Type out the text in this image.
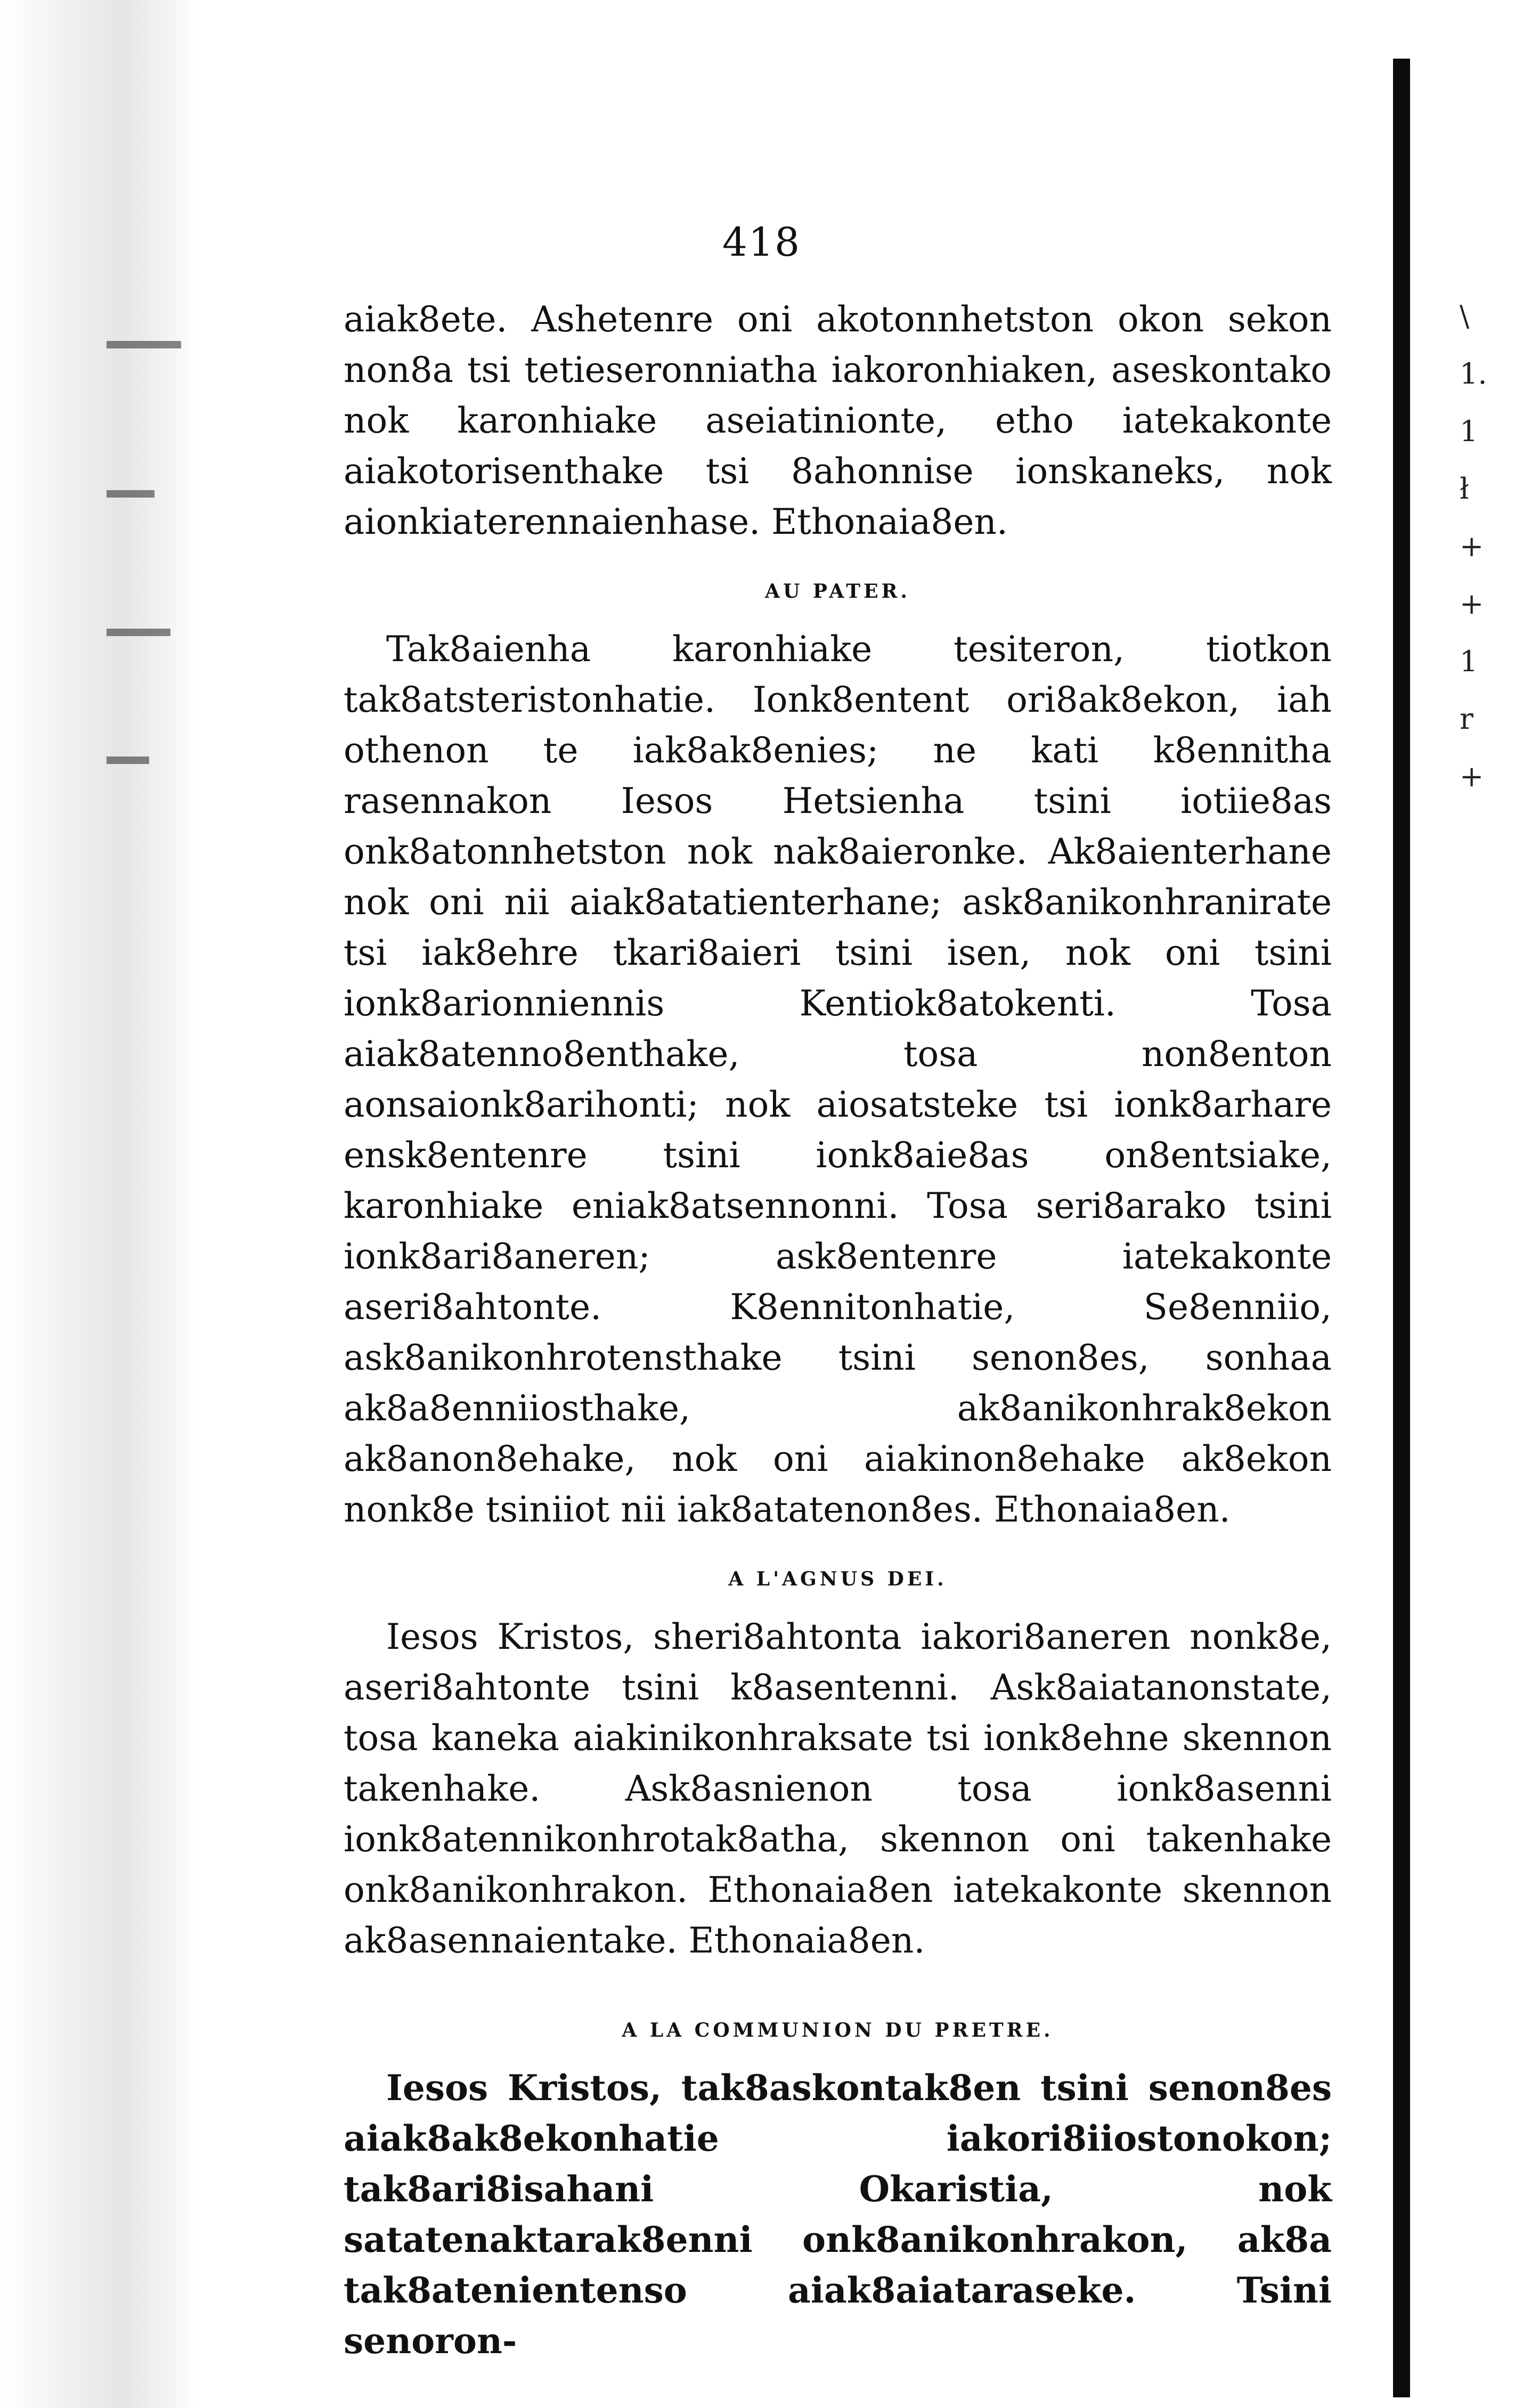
\
1.
1
ł
+
+
1
r
+
418

aiak8ete. Ashetenre oni akotonnhetston okon sekon non8a tsi tetieseronniatha iakoronhiaken, aseskontako nok karonhiake aseiatinionte, etho iatekakonte aiakotorisenthake tsi 8ahonnise ionskaneks, nok aionkiaterennaienhase. Ethonaia8en.

AU PATER.

Tak8aienha karonhiake tesiteron, tiotkon tak8atsteristonhatie. Ionk8entent ori8ak8ekon, iah othenon te iak8ak8enies; ne kati k8ennitha rasennakon Iesos Hetsienha tsini iotiie8as onk8atonnhetston nok nak8aieronke. Ak8aienterhane nok oni nii aiak8atatienterhane; ask8anikonhranirate tsi iak8ehre tkari8aieri tsini isen, nok oni tsini ionk8arionniennis Kentiok8atokenti. Tosa aiak8atenno8enthake, tosa non8enton aonsaionk8arihonti; nok aiosatsteke tsi ionk8arhare ensk8entenre tsini ionk8aie8as on8entsiake, karonhiake eniak8atsennonni. Tosa seri8arako tsini ionk8ari8aneren; ask8entenre iatekakonte aseri8ahtonte. K8ennitonhatie, Se8enniio, ask8anikonhrotensthake tsini senon8es, sonhaa ak8a8enniiosthake, ak8anikonhrak8ekon ak8anon8ehake, nok oni aiakinon8ehake ak8ekon nonk8e tsiniiot nii iak8atatenon8es. Ethonaia8en.

A L'AGNUS DEI.

Iesos Kristos, sheri8ahtonta iakori8aneren nonk8e, aseri8ahtonte tsini k8asentenni. Ask8aiatanonstate, tosa kaneka aiakinikonhraksate tsi ionk8ehne skennon takenhake. Ask8asnienon tosa ionk8asenni ionk8atennikonhrotak8atha, skennon oni takenhake onk8anikonhrakon. Ethonaia8en iatekakonte skennon ak8asennaientake. Ethonaia8en.

A LA COMMUNION DU PRETRE.

Iesos Kristos, tak8askontak8en tsini senon8es aiak8ak8ekonhatie iakori8iiostonokon; tak8ari8isahani Okaristia, nok satatenaktarak8enni onk8anikonhrakon, ak8a tak8atenientenso aiak8aiataraseke. Tsini senoron-
